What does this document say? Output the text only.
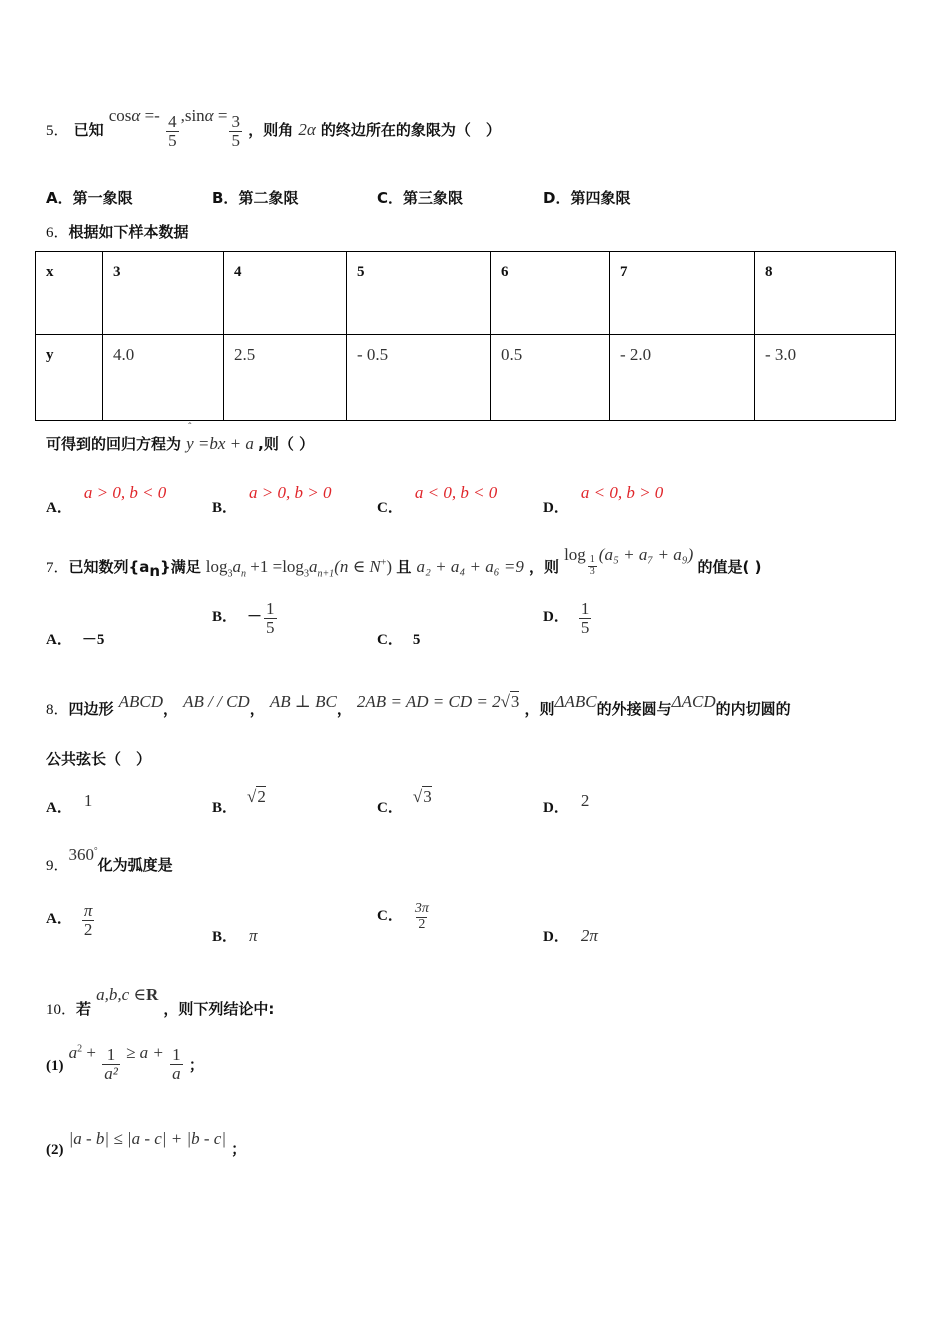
5． 已知 $\cos\alpha =- \frac{4}{5} ,\sin\alpha = \frac{3}{5}$ ，则角 2α 的终边所在的象限为（　）
A．第一象限	B．第二象限	C．第三象限	D．第四象限
6．根据如下样本数据
x	3	4	5	6	7	8
y	4.0	2.5	- 0.5	0.5	- 2.0	- 3.0
可得到的回归方程为
ˆ
y =bx + a ,则（ ）
A．a > 0, b < 0
B．a > 0, b > 0
C．a < 0, b < 0
D．a < 0, b > 0
7．已知数列$\{a_n\}$满足 $\log_3a_n +1 =\log_3a_{n+1}(n$ ∈ N+) 且 a₂ + a₄ + a₆ =9 ，则 log
$\frac{1}{3}$
(a₅ + a₇ + a₉) 的值是( )
A． －5
B． － $\frac{1}{5}$
C． 5
D． $\frac{1}{5}$
8．四边形 ABCD， AB / / CD， AB ⊥ BC， 2AB = AD = CD = 2√3 ，则ΔABC的外接圆与ΔACD的内切圆的
公共弦长（　）
A． 1	B．√2
C．√3
D． 2
9．360°化为弧度是
A． $\frac{\pi}{2}$	B． π
C． $\frac{3\pi}{2}$
D． 2π
10．若 a,b,c ∈R ，则下列结论中:
(1) $a^2 + \frac{1}{\text{a²}} \ge a + \frac{1}{a}$ ；
(2) |a - b| ≤ |a - c| + |b - c| ；
